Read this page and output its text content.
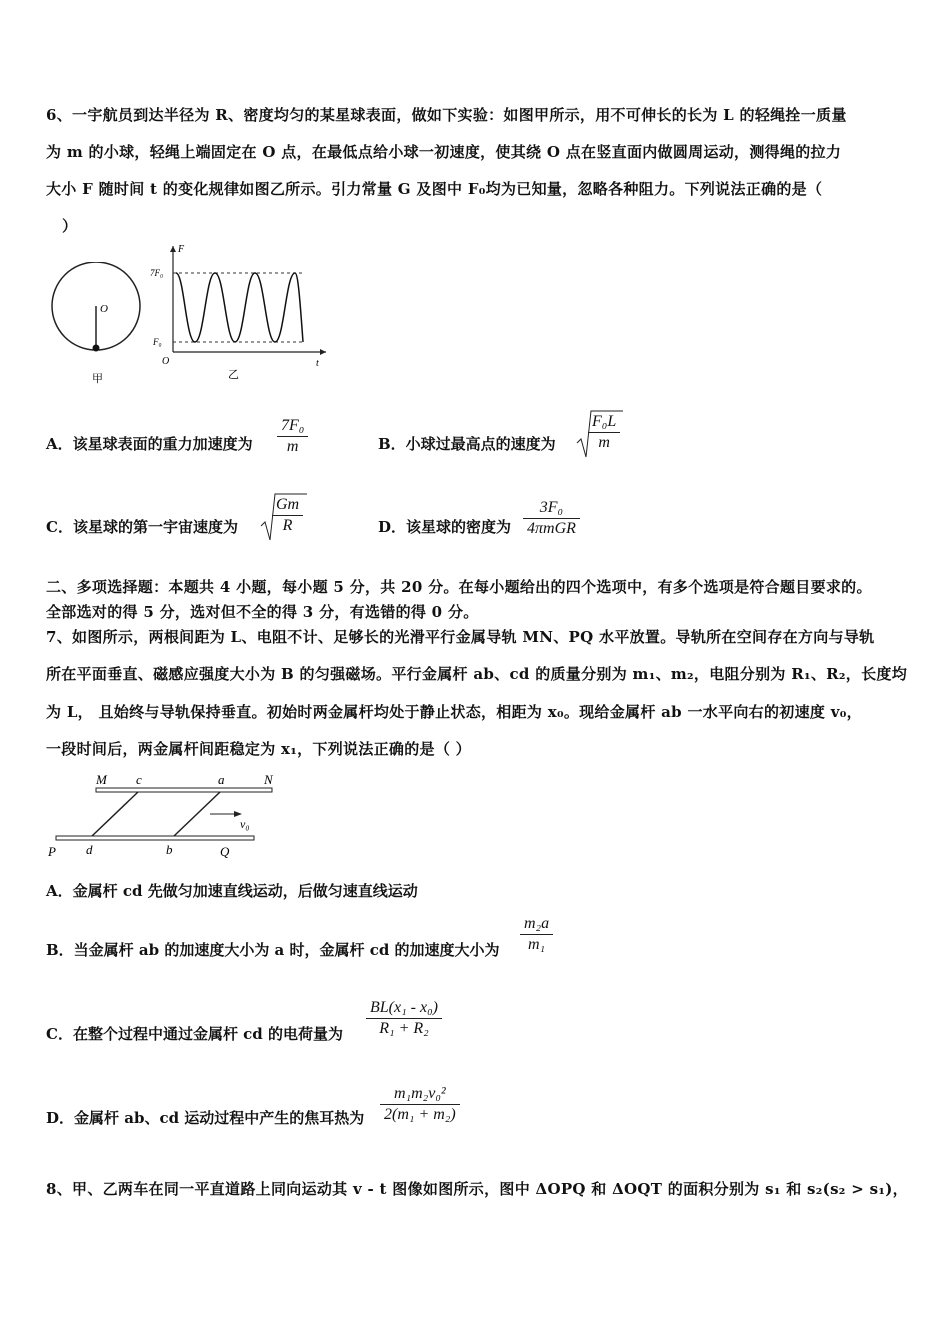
6、一宇航员到达半径为 R、密度均匀的某星球表面，做如下实验：如图甲所示，用不可伸长的长为 L 的轻绳拴一质量
为 m 的小球，轻绳上端固定在 O 点，在最低点给小球一初速度，使其绕 O 点在竖直面内做圆周运动，测得绳的拉力
大小 F 随时间 t 的变化规律如图乙所示。引力常量 G 及图中 F₀均为已知量，忽略各种阻力。下列说法正确的是（
）
O
甲
F
t
O
7F₀
F₀
乙
A．该星球表面的重力加速度为 $\frac{\text{7F₀}}{m}$	B．小球过最高点的速度为 $\frac{\text{F₀L}}{m}$
C．该星球的第一宇宙速度为 $\frac{Gm}{R}$	D．该星球的密度为
3F₀
4πmGR
二、多项选择题：本题共 4 小题，每小题 5 分，共 20 分。在每小题给出的四个选项中，有多个选项是符合题目要求的。
全部选对的得 5 分，选对但不全的得 3 分，有选错的得 0 分。
7、如图所示，两根间距为 L、电阻不计、足够长的光滑平行金属导轨 MN、PQ 水平放置。导轨所在空间存在方向与导轨
所在平面垂直、磁感应强度大小为 B 的匀强磁场。平行金属杆 ab、cd 的质量分别为 m₁、m₂，电阻分别为 R₁、R₂，长度均
为 L， 且始终与导轨保持垂直。初始时两金属杆均处于静止状态，相距为 x₀。现给金属杆 ab 一水平向右的初速度 v₀，
一段时间后，两金属杆间距稳定为 x₁，下列说法正确的是（ ）
M c	a	N
P d	b	Q
v₀
A．金属杆 cd 先做匀加速直线运动，后做匀速直线运动
B．当金属杆 ab 的加速度大小为 a 时，金属杆 cd 的加速度大小为 $\frac{\text{m₂a}}{\text{m₁}}$
C．在整个过程中通过金属杆 cd 的电荷量为 $\frac{\text{BL(x₁ - x₀)}}{\text{R₁ + R₂}}$
D．金属杆 ab、cd 运动过程中产生的焦耳热为 $\frac{\text{m₁m₂v₀²}}{\text{2(m₁ + m₂)}}$
8、甲、乙两车在同一平直道路上同向运动其 v - t 图像如图所示，图中 ΔOPQ 和 ΔOQT 的面积分别为 s₁ 和 s₂(s₂ > s₁)，
